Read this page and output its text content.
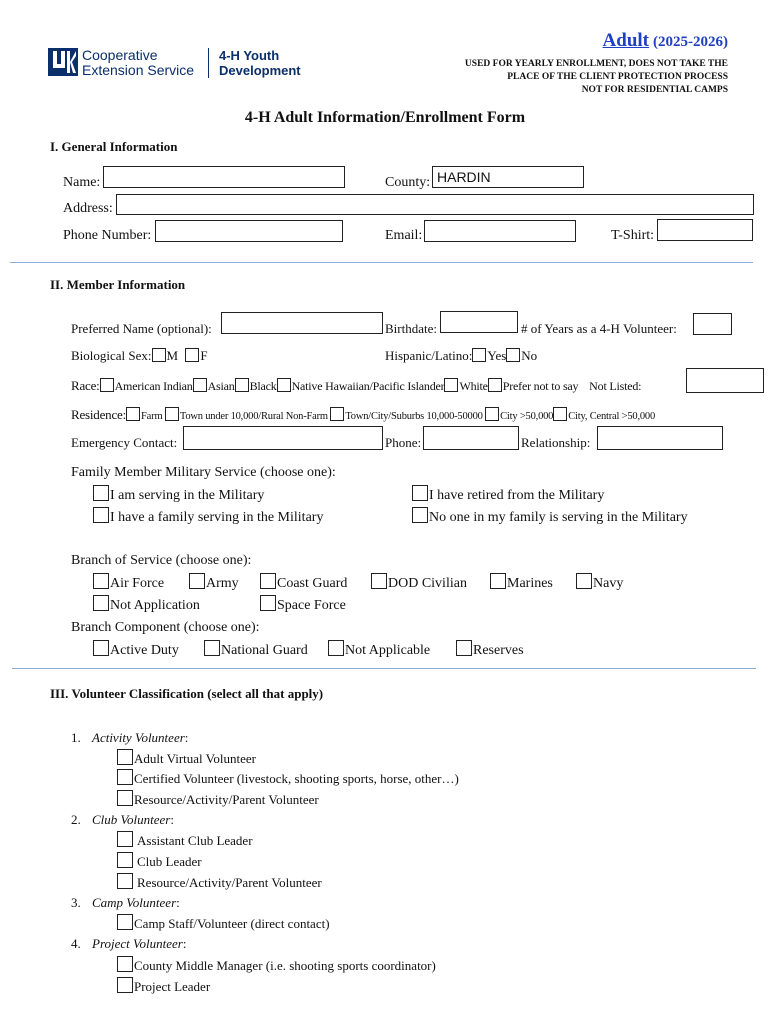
Cooperative
Extension Service
4-H Youth
Development
Adult (2025-2026)
USED FOR YEARLY ENROLLMENT, DOES NOT TAKE THE
PLACE OF THE CLIENT PROTECTION PROCESS
NOT FOR RESIDENTIAL CAMPS
4-H Adult Information/Enrollment Form
I. General Information
Name:	County: HARDIN
Address:
Phone Number:	Email:	T-Shirt:
II. Member Information
Preferred Name (optional):	Birthdate:	# of Years as a 4-H Volunteer:
Biological Sex: M F	Hispanic/Latino: Yes No
Race: American Indian Asian Black Native Hawaiian/Pacific Islander White Prefer not to say Not Listed:
Residence: Farm Town under 10,000/Rural Non-Farm Town/City/Suburbs 10,000-50000 City >50,000 City, Central >50,000
Emergency Contact:	Phone:	Relationship:
Family Member Military Service (choose one):
I am serving in the Military	I have retired from the Military
I have a family serving in the Military	No one in my family is serving in the Military
Branch of Service (choose one):
Air Force	Army	Coast Guard	DOD Civilian	Marines	Navy
Not Application	Space Force
Branch Component (choose one):
Active Duty	National Guard	Not Applicable	Reserves
III. Volunteer Classification (select all that apply)
1. Activity Volunteer:
Adult Virtual Volunteer
Certified Volunteer (livestock, shooting sports, horse, other…)
Resource/Activity/Parent Volunteer
2. Club Volunteer:
Assistant Club Leader
Club Leader
Resource/Activity/Parent Volunteer
3. Camp Volunteer:
Camp Staff/Volunteer (direct contact)
4. Project Volunteer:
County Middle Manager (i.e. shooting sports coordinator)
Project Leader
